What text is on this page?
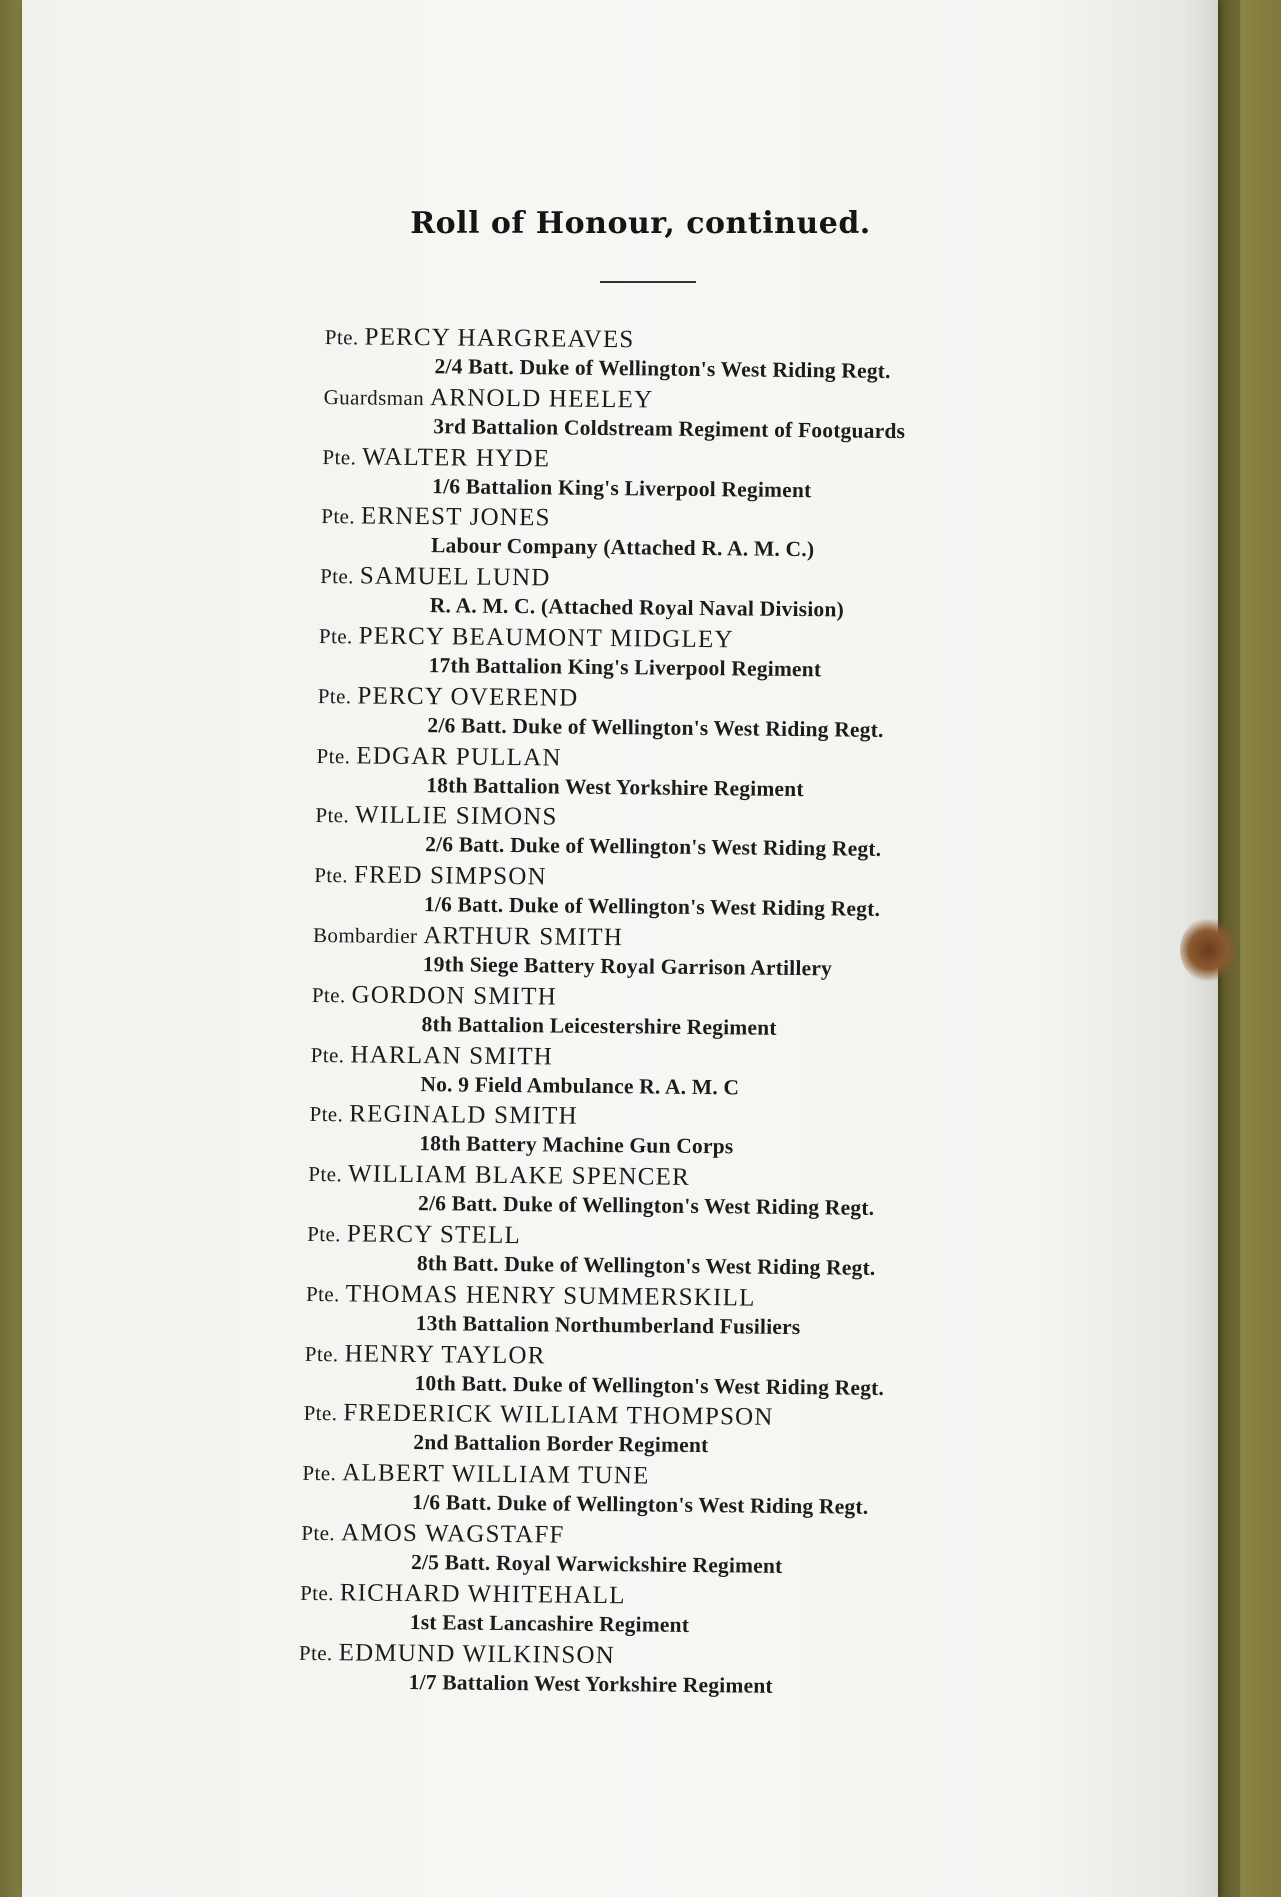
Roll of Honour, continued.
Pte. PERCY HARGREAVES
2/4 Batt. Duke of Wellington's West Riding Regt.
Guardsman ARNOLD HEELEY
3rd Battalion Coldstream Regiment of Footguards
Pte. WALTER HYDE
1/6 Battalion King's Liverpool Regiment
Pte. ERNEST JONES
Labour Company (Attached R. A. M. C.)
Pte. SAMUEL LUND
R. A. M. C. (Attached Royal Naval Division)
Pte. PERCY BEAUMONT MIDGLEY
17th Battalion King's Liverpool Regiment
Pte. PERCY OVEREND
2/6 Batt. Duke of Wellington's West Riding Regt.
Pte. EDGAR PULLAN
18th Battalion West Yorkshire Regiment
Pte. WILLIE SIMONS
2/6 Batt. Duke of Wellington's West Riding Regt.
Pte. FRED SIMPSON
1/6 Batt. Duke of Wellington's West Riding Regt.
Bombardier ARTHUR SMITH
19th Siege Battery Royal Garrison Artillery
Pte. GORDON SMITH
8th Battalion Leicestershire Regiment
Pte. HARLAN SMITH
No. 9 Field Ambulance R. A. M. C
Pte. REGINALD SMITH
18th Battery Machine Gun Corps
Pte. WILLIAM BLAKE SPENCER
2/6 Batt. Duke of Wellington's West Riding Regt.
Pte. PERCY STELL
8th Batt. Duke of Wellington's West Riding Regt.
Pte. THOMAS HENRY SUMMERSKILL
13th Battalion Northumberland Fusiliers
Pte. HENRY TAYLOR
10th Batt. Duke of Wellington's West Riding Regt.
Pte. FREDERICK WILLIAM THOMPSON
2nd Battalion Border Regiment
Pte. ALBERT WILLIAM TUNE
1/6 Batt. Duke of Wellington's West Riding Regt.
Pte. AMOS WAGSTAFF
2/5 Batt. Royal Warwickshire Regiment
Pte. RICHARD WHITEHALL
1st East Lancashire Regiment
Pte. EDMUND WILKINSON
1/7 Battalion West Yorkshire Regiment
